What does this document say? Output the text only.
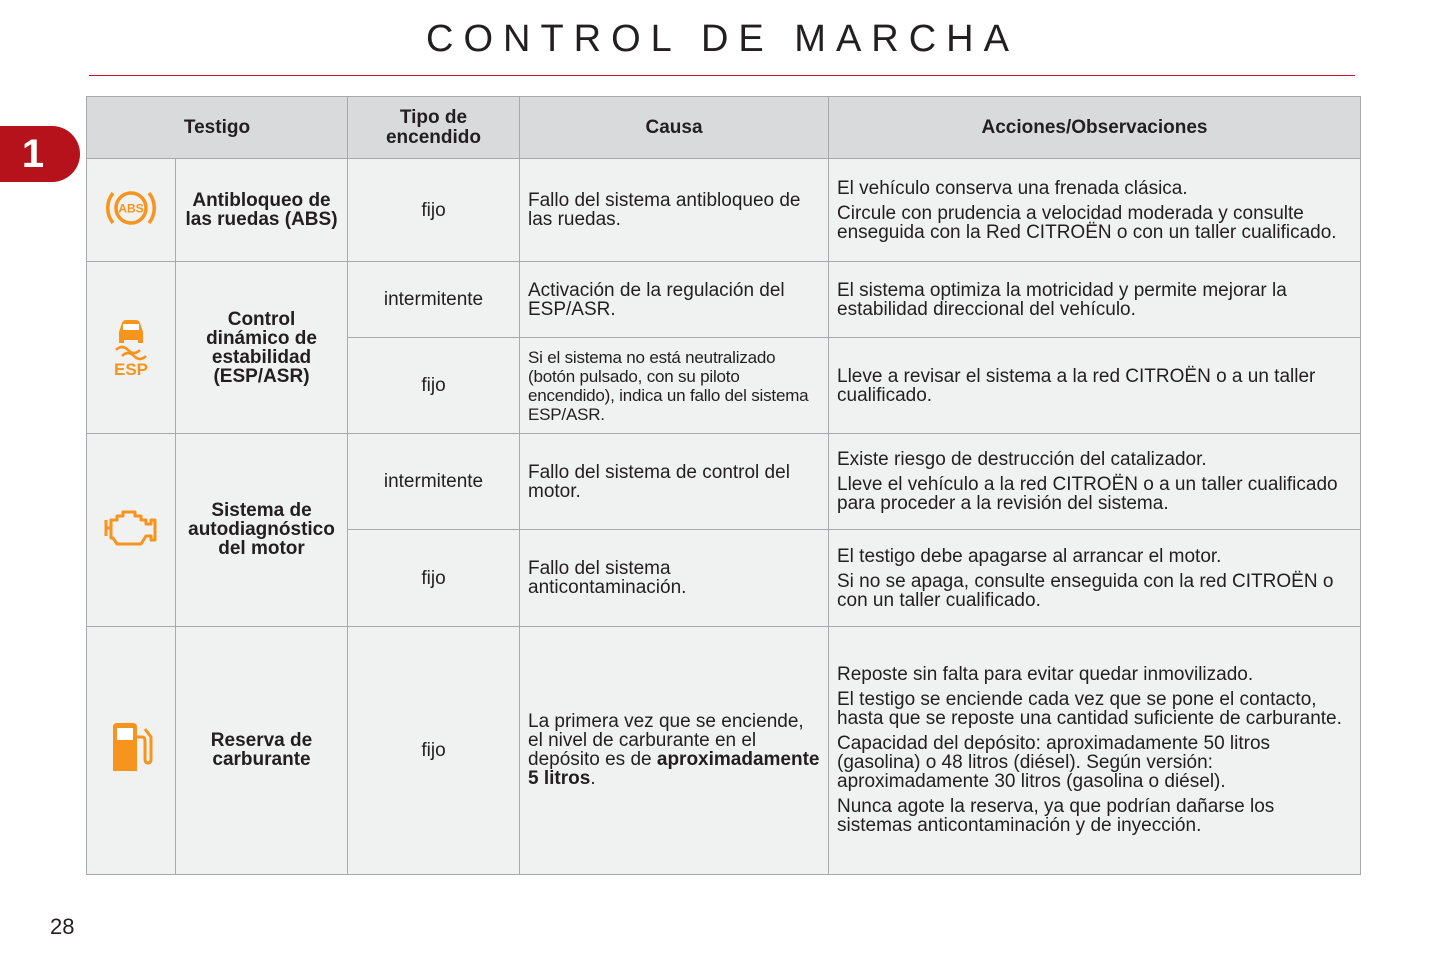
CONTROL DE MARCHA
1
Testigo		Tipo de encendido	Causa	Acciones/Observaciones

ABS	Antibloqueo de las ruedas (ABS)	fijo	Fallo del sistema antibloqueo de las ruedas.	El vehículo conserva una frenada clásica.
Circule con prudencia a velocidad moderada y consulte enseguida con la Red CITROËN o con un taller cualificado.

ESP	Control dinámico de estabilidad (ESP/ASR)	intermitente	Activación de la regulación del ESP/ASR.	El sistema optimiza la motricidad y permite mejorar la estabilidad direccional del vehículo.
		fijo	Si el sistema no está neutralizado (botón pulsado, con su piloto encendido), indica un fallo del sistema ESP/ASR.	Lleve a revisar el sistema a la red CITROËN o a un taller cualificado.
	Sistema de autodiagnóstico del motor	intermitente	Fallo del sistema de control del motor.	Existe riesgo de destrucción del catalizador.
Lleve el vehículo a la red CITROËN o a un taller cualificado para proceder a la revisión del sistema.

		fijo	Fallo del sistema anticontaminación.	El testigo debe apagarse al arrancar el motor.
Si no se apaga, consulte enseguida con la red CITROËN o con un taller cualificado.

	Reserva de carburante	fijo	La primera vez que se enciende, el nivel de carburante en el depósito es de aproximadamente 5 litros.	Reposte sin falta para evitar quedar inmovilizado.
El testigo se enciende cada vez que se pone el contacto, hasta que se reposte una cantidad suficiente de carburante.
Capacidad del depósito: aproximadamente 50 litros (gasolina) o 48 litros (diésel). Según versión: aproximadamente 30 litros (gasolina o diésel).
Nunca agote la reserva, ya que podrían dañarse los sistemas anticontaminación y de inyección.
28
